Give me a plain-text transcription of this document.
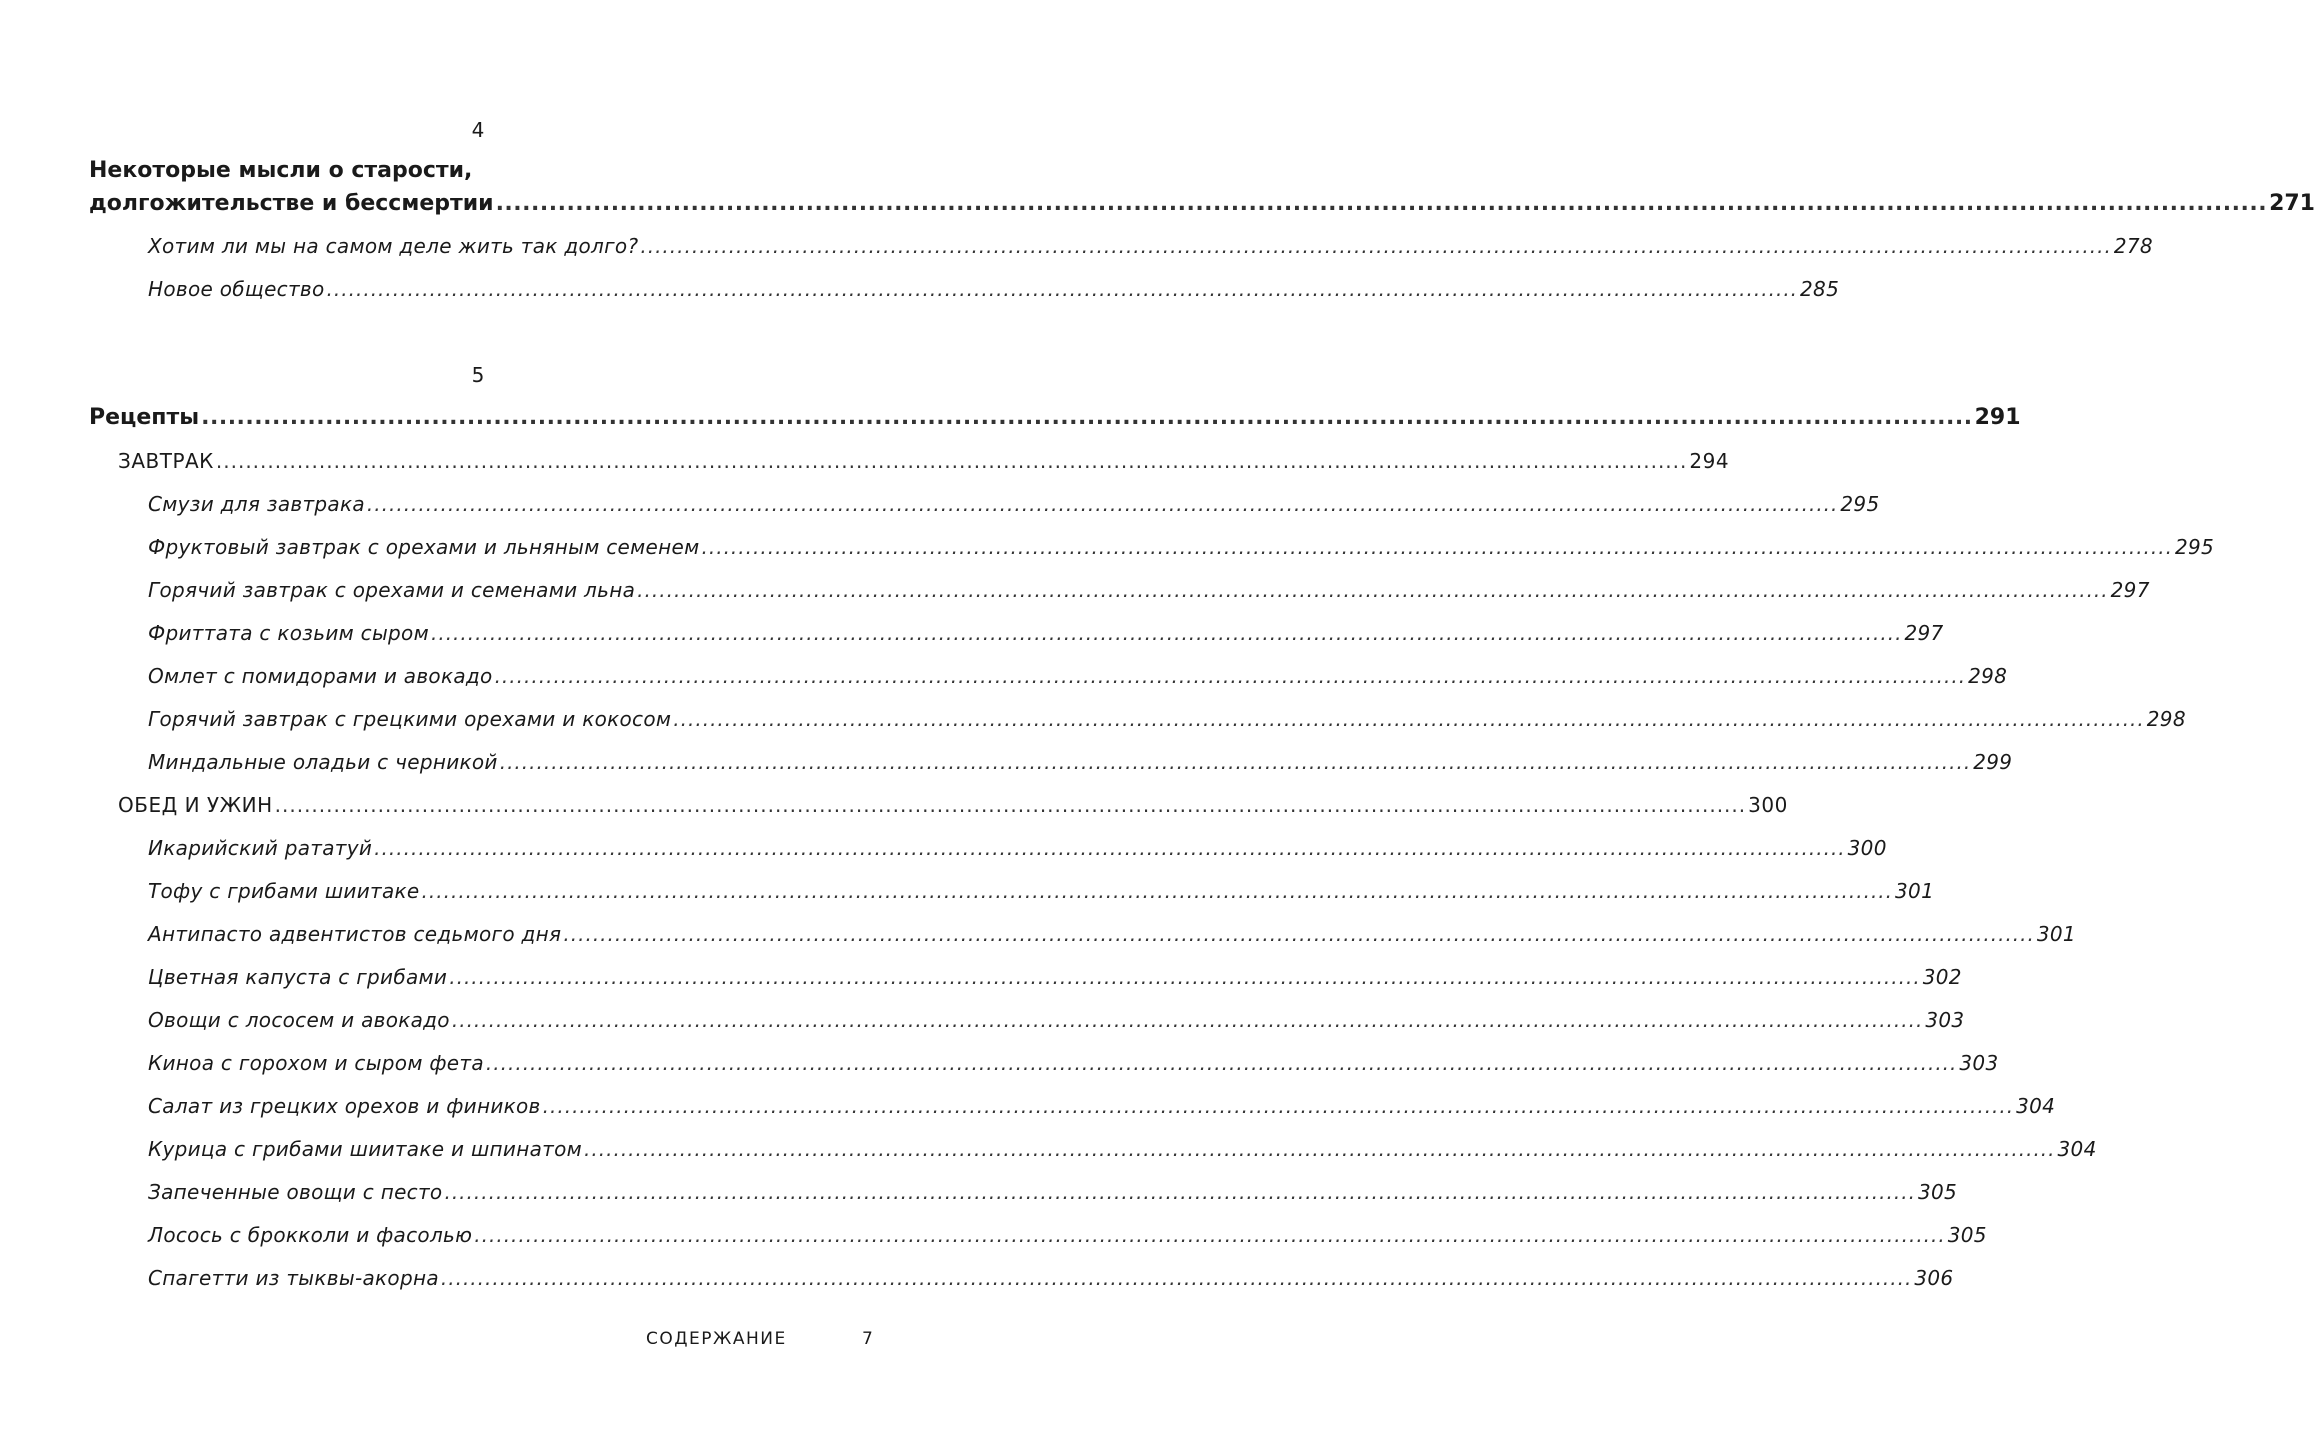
4
Некоторые мысли о старости,
долгожительстве и бессмертии ........................................................................................................................................................................................................ 271
Хотим ли мы на самом деле жить так долго? ........................................................................................................................................................................................................ 278
Новое общество ........................................................................................................................................................................................................ 285
5
Рецепты ........................................................................................................................................................................................................ 291
ЗАВТРАК ........................................................................................................................................................................................................ 294
Смузи для завтрака ........................................................................................................................................................................................................ 295
Фруктовый завтрак с орехами и льняным семенем ........................................................................................................................................................................................................ 295
Горячий завтрак с орехами и семенами льна ........................................................................................................................................................................................................ 297
Фриттата с козьим сыром ........................................................................................................................................................................................................ 297
Омлет с помидорами и авокадо ........................................................................................................................................................................................................ 298
Горячий завтрак с грецкими орехами и кокосом ........................................................................................................................................................................................................ 298
Миндальные оладьи с черникой ........................................................................................................................................................................................................ 299
ОБЕД И УЖИН ........................................................................................................................................................................................................ 300
Икарийский рататуй ........................................................................................................................................................................................................ 300
Тофу с грибами шиитаке ........................................................................................................................................................................................................ 301
Антипасто адвентистов седьмого дня ........................................................................................................................................................................................................ 301
Цветная капуста с грибами ........................................................................................................................................................................................................ 302
Овощи с лососем и авокадо ........................................................................................................................................................................................................ 303
Киноа с горохом и сыром фета ........................................................................................................................................................................................................ 303
Салат из грецких орехов и фиников ........................................................................................................................................................................................................ 304
Курица с грибами шиитаке и шпинатом ........................................................................................................................................................................................................ 304
Запеченные овощи с песто ........................................................................................................................................................................................................ 305
Лосось с брокколи и фасолью ........................................................................................................................................................................................................ 305
Спагетти из тыквы-акорна ........................................................................................................................................................................................................ 306
СОДЕРЖАНИЕ	7
